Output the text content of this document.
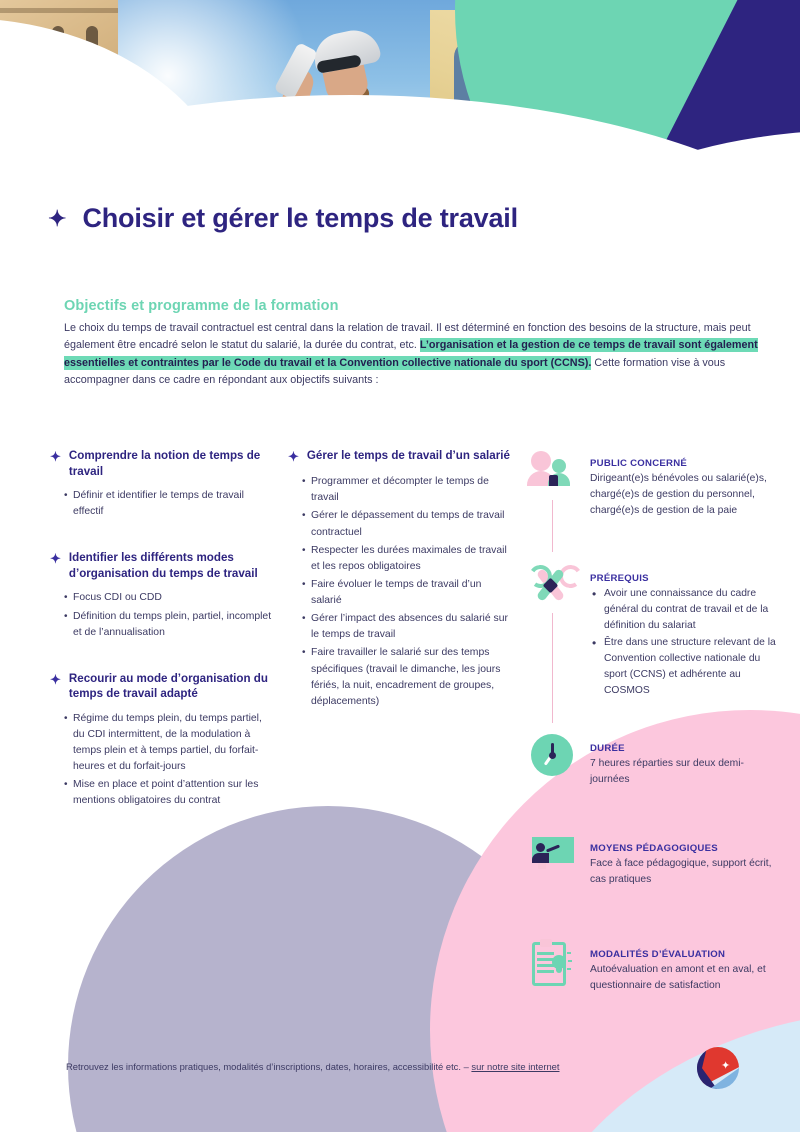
✦ Choisir et gérer le temps de travail
Objectifs et programme de la formation

Le choix du temps de travail contractuel est central dans la relation de travail. Il est déterminé en fonction des besoins de la structure, mais peut également être encadré selon le statut du salarié, la durée du contrat, etc. L’organisation et la gestion de ce temps de travail sont également essentielles et contraintes par le Code du travail et la Convention collective nationale du sport (CCNS). Cette formation vise à vous accompagner dans ce cadre en répondant aux objectifs suivants :

✦ Comprendre la notion de temps de travail
• Définir et identifier le temps de travail effectif
✦ Identifier les différents modes d’organisation du temps de travail
• Focus CDI ou CDD
• Définition du temps plein, partiel, incomplet et de l’annualisation
✦ Recourir au mode d’organisation du temps de travail adapté
• Régime du temps plein, du temps partiel, du CDI intermittent, de la modulation à temps plein et à temps partiel, du forfait-heures et du forfait-jours
• Mise en place et point d’attention sur les mentions obligatoires du contrat
✦ Gérer le temps de travail d’un salarié
• Programmer et décompter le temps de travail
• Gérer le dépassement du temps de travail contractuel
• Respecter les durées maximales de travail et les repos obligatoires
• Faire évoluer le temps de travail d’un salarié
• Gérer l’impact des absences du salarié sur le temps de travail
• Faire travailler le salarié sur des temps spécifiques (travail le dimanche, les jours fériés, la nuit, encadrement de groupes, déplacements)

PUBLIC CONCERNÉ

Dirigeant(e)s bénévoles ou salarié(e)s, chargé(e)s de gestion du personnel, chargé(e)s de gestion de la paie

PRÉREQUIS

• Avoir une connaissance du cadre général du contrat de travail et de la définition du salariat
• Être dans une structure relevant de la Convention collective nationale du sport (CCNS) et adhérente au COSMOS

DURÉE

7 heures réparties sur deux demi-journées

MOYENS PÉDAGOGIQUES

Face à face pédagogique, support écrit, cas pratiques

MODALITÉS D’ÉVALUATION

Autoévaluation en amont et en aval, et questionnaire de satisfaction

Retrouvez les informations pratiques, modalités d’inscriptions, dates, horaires, accessibilité etc. – sur notre site internet	✦
